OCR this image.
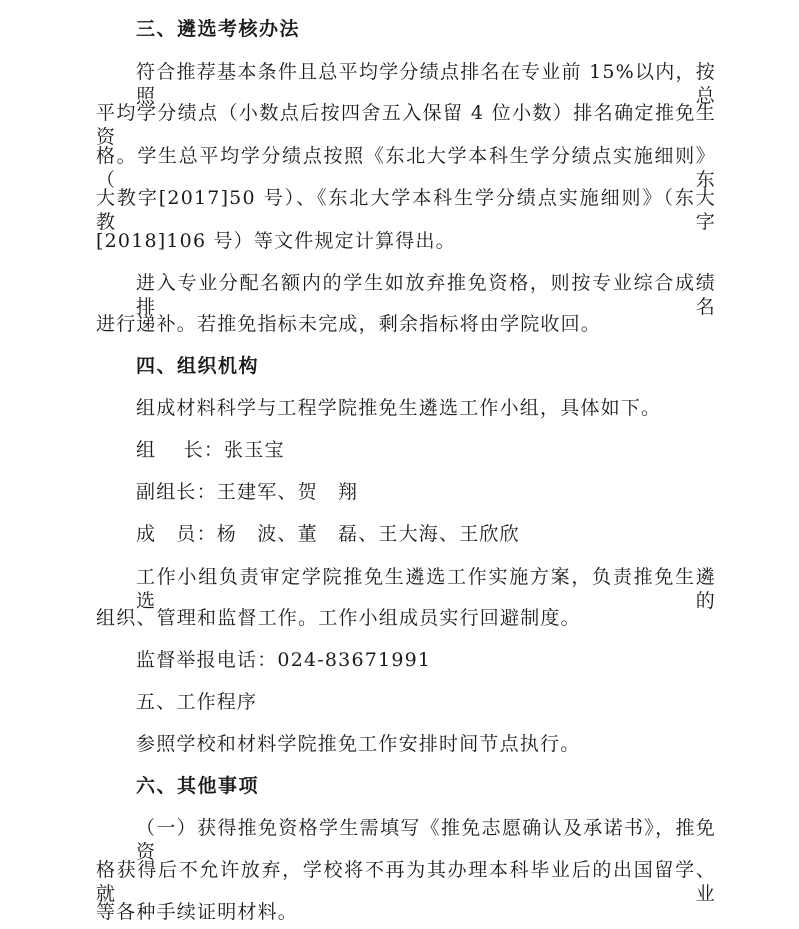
三、遴选考核办法
符合推荐基本条件且总平均学分绩点排名在专业前 15%以内，按照总
平均学分绩点（小数点后按四舍五入保留 4 位小数）排名确定推免生资
格。学生总平均学分绩点按照《东北大学本科生学分绩点实施细则》（东
大教字[2017]50 号）、《东北大学本科生学分绩点实施细则》（东大教字
[2018]106 号）等文件规定计算得出。
进入专业分配名额内的学生如放弃推免资格，则按专业综合成绩排名
进行递补。若推免指标未完成，剩余指标将由学院收回。
四、组织机构
组成材料科学与工程学院推免生遴选工作小组，具体如下。
组　 长：张玉宝
副组长：王建军、贺　翔
成　员：杨　波、董　磊、王大海、王欣欣
工作小组负责审定学院推免生遴选工作实施方案，负责推免生遴选的
组织、管理和监督工作。工作小组成员实行回避制度。
监督举报电话：024-83671991
五、工作程序
参照学校和材料学院推免工作安排时间节点执行。
六、其他事项
（一）获得推免资格学生需填写《推免志愿确认及承诺书》，推免资
格获得后不允许放弃，学校将不再为其办理本科毕业后的出国留学、就业
等各种手续证明材料。
